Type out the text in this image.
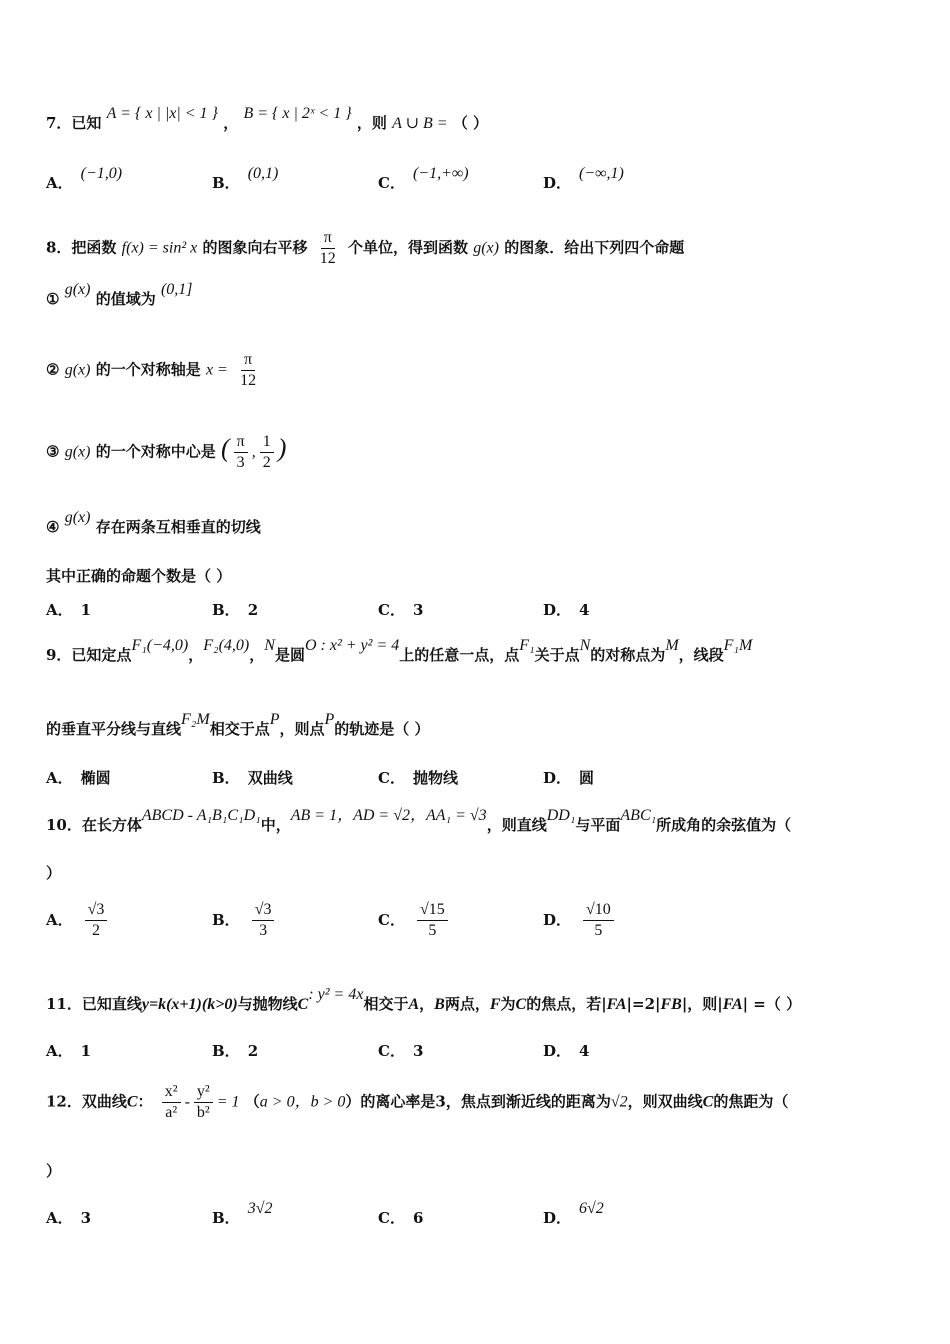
7．已知 A = { x | |x| < 1 } ， B = { x | 2ˣ < 1 } ，则 A ∪ B = （ ）
A．(−1,0)
B．(0,1)
C．(−1,+∞)
D．(−∞,1)
8．把函数 f(x) = sin² x 的图象向右平移 $\frac{\pi}{12}$ 个单位，得到函数 g(x) 的图象．给出下列四个命题
① g(x) 的值域为 (0,1]
② g(x) 的一个对称轴是 $x = \frac{\pi}{12}$
③ g(x) 的一个对称中心是 ( $\frac{\pi}{3}$ , $\frac{1}{2}$ )
④ g(x) 存在两条互相垂直的切线
其中正确的命题个数是（ ）
A． 1	B． 2	C． 3	D． 4
9．已知定点F₁(−4,0)，F₂(4,0)，N是圆O : x² + y² = 4上的任意一点，点F₁关于点N的对称点为M，线段F₁M
的垂直平分线与直线F₂M相交于点P，则点P的轨迹是（ ）
A． 椭圆	B． 双曲线	C． 抛物线	D． 圆
10．在长方体ABCD - A₁B₁C₁D₁中，AB = 1，AD = √2，AA₁ = √3，则直线DD₁与平面ABC₁所成角的余弦值为（
）
A． $\frac{√3}{2}$	B． $\frac{√3}{3}$	C． $\frac{√15}{5}$	D． $\frac{√10}{5}$
11．已知直线y=k(x+1)(k>0)与抛物线C: y² = 4x相交于A，B两点，F为C的焦点，若|FA|=2|FB|，则|FA| =（ ）
A． 1	B． 2	C． 3	D． 4
12．双曲线C： $\frac{\text{x²}}{\text{a²}} - \frac{\text{y²}}{\text{b²}} = 1$ （a > 0，b > 0）的离心率是3，焦点到渐近线的距离为√2，则双曲线C的焦距为（
）
A． 3	B．3√2
C． 6	D．6√2
